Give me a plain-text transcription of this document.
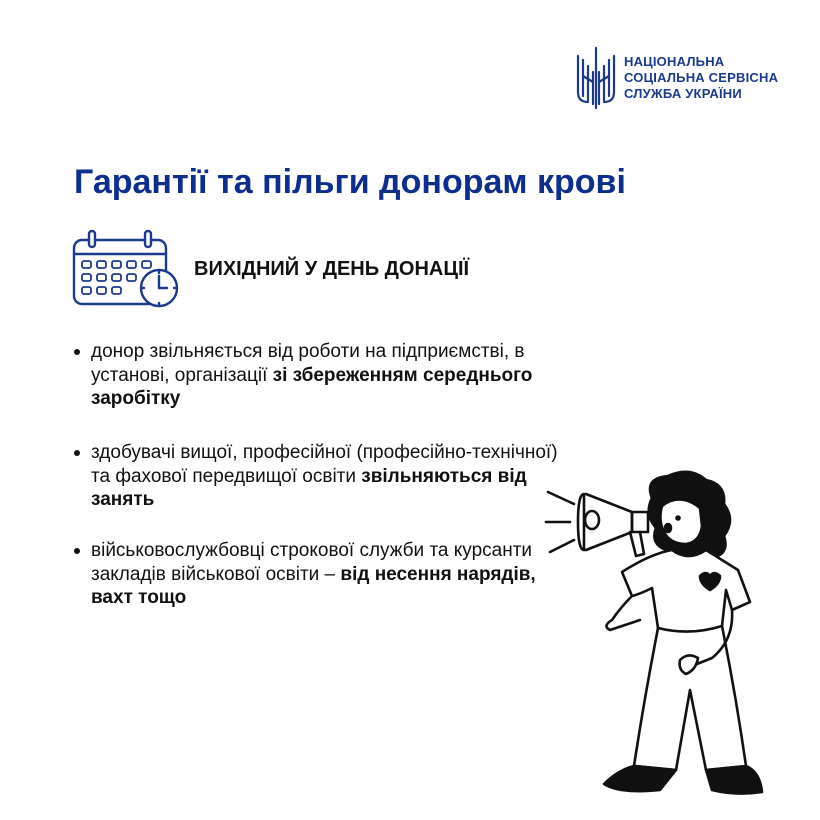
НАЦІОНАЛЬНА
СОЦІАЛЬНА СЕРВІСНА
СЛУЖБА УКРАЇНИ
Гарантії та пільги донорам крові
ВИХІДНИЙ У ДЕНЬ ДОНАЦІЇ
донор звільняється від роботи на підприємстві, в установі, організації зі збереженням середнього заробітку
здобувачі вищої, професійної (професійно-технічної) та фахової передвищої освіти звільняються від занять
військовослужбовці строкової служби та курсанти закладів військової освіти – від несення нарядів, вахт тощо
